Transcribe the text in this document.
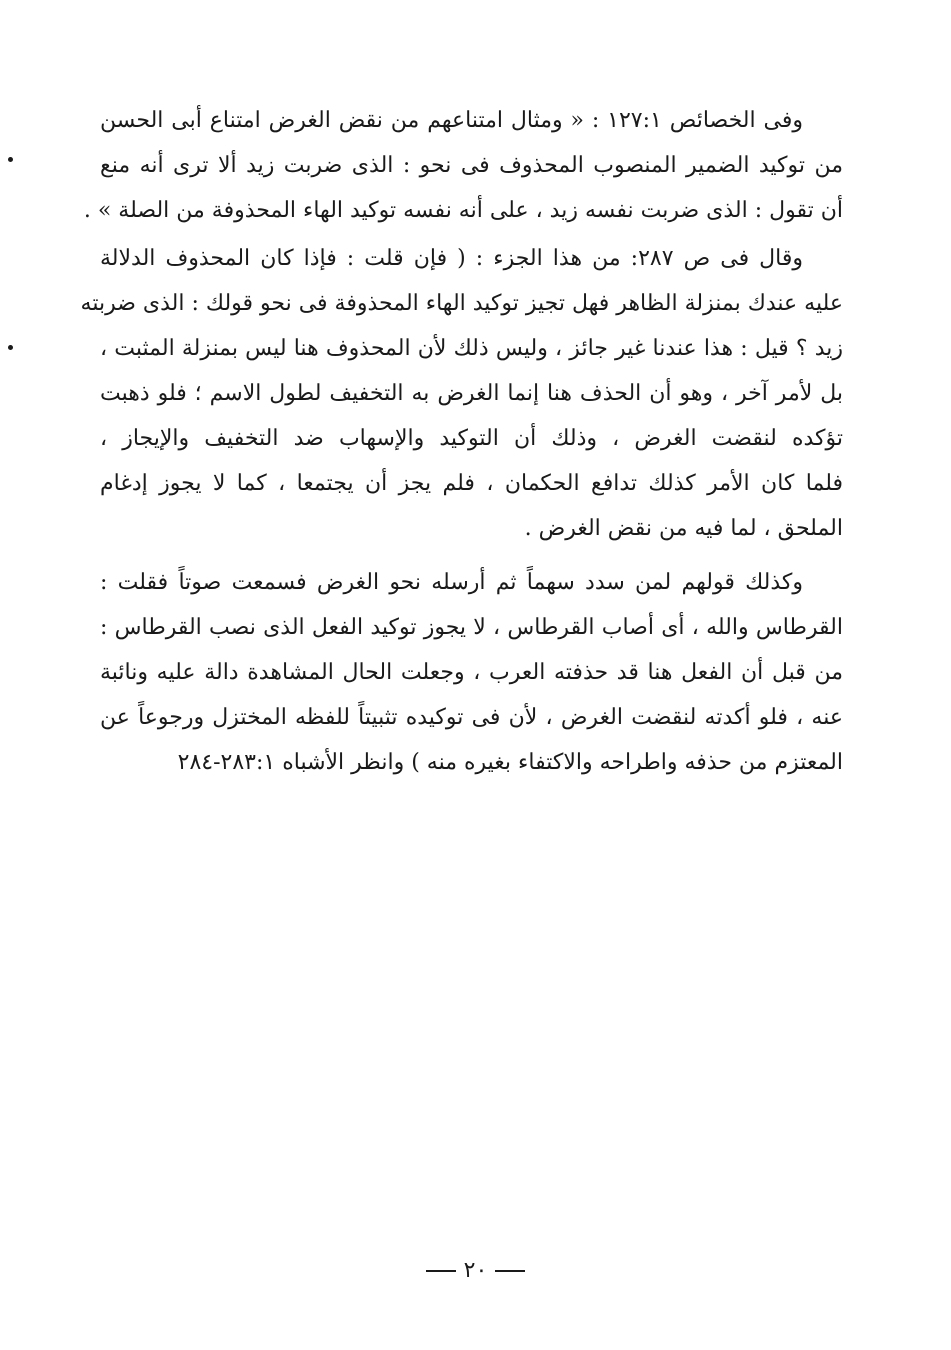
وفى الخصائص ١٢٧:١ : « ومثال امتناعهم من نقض الغرض امتناع أبى الحسن
من توكيد الضمير المنصوب المحذوف فى نحو : الذى ضربت زيد ألا ترى أنه منع
أن تقول : الذى ضربت نفسه زيد ، على أنه نفسه توكيد الهاء المحذوفة من الصلة » .
وقال فى ص ٢٨٧: من هذا الجزء : ( فإن قلت : فإذا كان المحذوف الدلالة
عليه عندك بمنزلة الظاهر فهل تجيز توكيد الهاء المحذوفة فى نحو قولك : الذى ضربته
زيد ؟ قيل : هذا عندنا غير جائز ، وليس ذلك لأن المحذوف هنا ليس بمنزلة المثبت ،
بل لأمر آخر ، وهو أن الحذف هنا إنما الغرض به التخفيف لطول الاسم ؛ فلو ذهبت
تؤكده لنقضت الغرض ، وذلك أن التوكيد والإسهاب ضد التخفيف والإيجاز ،
فلما كان الأمر كذلك تدافع الحكمان ، فلم يجز أن يجتمعا ، كما لا يجوز إدغام
الملحق ، لما فيه من نقض الغرض .
وكذلك قولهم لمن سدد سهماً ثم أرسله نحو الغرض فسمعت صوتاً فقلت :
القرطاس والله ، أى أصاب القرطاس ، لا يجوز توكيد الفعل الذى نصب القرطاس :
من قبل أن الفعل هنا قد حذفته العرب ، وجعلت الحال المشاهدة دالة عليه ونائبة
عنه ، فلو أكدته لنقضت الغرض ، لأن فى توكيده تثبيتاً للفظه المختزل ورجوعاً عن
المعتزم من حذفه واطراحه والاكتفاء بغيره منه ) وانظر الأشباه ٢٨٣:١-٢٨٤
٢٠
